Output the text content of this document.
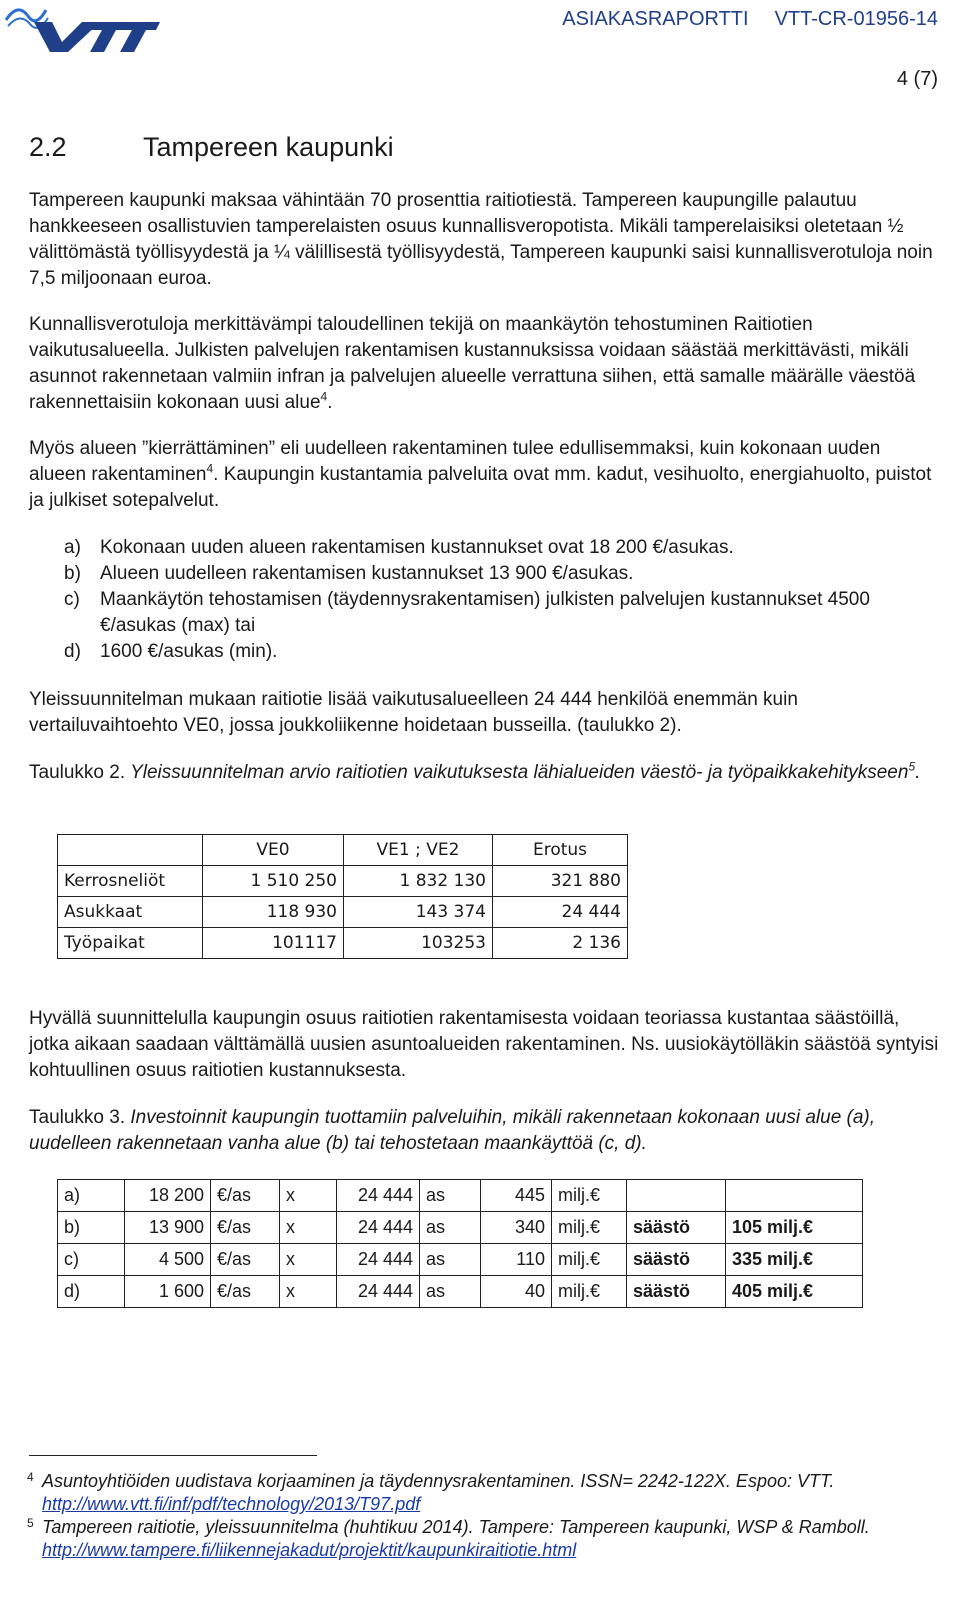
ASIAKASRAPORTTI VTT-CR-01956-14
4 (7)
2.2	Tampereen kaupunki

Tampereen kaupunki maksaa vähintään 70 prosenttia raitiotiestä. Tampereen kaupungille palautuu hankkeeseen osallistuvien tamperelaisten osuus kunnallisveropotista. Mikäli tamperelaisiksi oletetaan ½ välittömästä työllisyydestä ja ¼ välillisestä työllisyydestä, Tampereen kaupunki saisi kunnallisverotuloja noin 7,5 miljoonaan euroa.

Kunnallisverotuloja merkittävämpi taloudellinen tekijä on maankäytön tehostuminen Raitiotien vaikutusalueella. Julkisten palvelujen rakentamisen kustannuksissa voidaan säästää merkittävästi, mikäli asunnot rakennetaan valmiin infran ja palvelujen alueelle verrattuna siihen, että samalle määrälle väestöä rakennettaisiin kokonaan uusi alue$^4$.

Myös alueen ”kierrättäminen” eli uudelleen rakentaminen tulee edullisemmaksi, kuin kokonaan uuden alueen rakentaminen$^4$. Kaupungin kustantamia palveluita ovat mm. kadut, vesihuolto, energiahuolto, puistot ja julkiset sotepalvelut.

a) Kokonaan uuden alueen rakentamisen kustannukset ovat 18 200 €/asukas.
b) Alueen uudelleen rakentamisen kustannukset 13 900 €/asukas.
c) Maankäytön tehostamisen (täydennysrakentamisen) julkisten palvelujen kustannukset 4500 €/asukas (max) tai
d) 1600 €/asukas (min).

Yleissuunnitelman mukaan raitiotie lisää vaikutusalueelleen 24 444 henkilöä enemmän kuin vertailuvaihtoehto VE0, jossa joukkoliikenne hoidetaan busseilla. (taulukko 2).

Taulukko 2. Yleissuunnitelman arvio raitiotien vaikutuksesta lähialueiden väestö- ja työpaikkakehitykseen$^5$.

	VE0	VE1 ; VE2	Erotus
Kerrosneliöt	1 510 250	1 832 130	321 880
Asukkaat	118 930	143 374	24 444
Työpaikat	101117	103253	2 136

Hyvällä suunnittelulla kaupungin osuus raitiotien rakentamisesta voidaan teoriassa kustantaa säästöillä, jotka aikaan saadaan välttämällä uusien asuntoalueiden rakentaminen. Ns. uusiokäytölläkin säästöä syntyisi kohtuullinen osuus raitiotien kustannuksesta.

Taulukko 3. Investoinnit kaupungin tuottamiin palveluihin, mikäli rakennetaan kokonaan uusi alue (a), uudelleen rakennetaan vanha alue (b) tai tehostetaan maankäyttöä (c, d).

a)	18 200	€/as	x	24 444	as	445	milj.€		
b)	13 900	€/as	x	24 444	as	340	milj.€	säästö	105 milj.€
c)	4 500	€/as	x	24 444	as	110	milj.€	säästö	335 milj.€
d)	1 600	€/as	x	24 444	as	40	milj.€	säästö	405 milj.€

4 Asuntoyhtiöiden uudistava korjaaminen ja täydennysrakentaminen. ISSN= 2242-122X. Espoo: VTT. http://www.vtt.fi/inf/pdf/technology/2013/T97.pdf

5 Tampereen raitiotie, yleissuunnitelma (huhtikuu 2014). Tampere: Tampereen kaupunki, WSP & Ramboll. http://www.tampere.fi/liikennejakadut/projektit/kaupunkiraitiotie.html
